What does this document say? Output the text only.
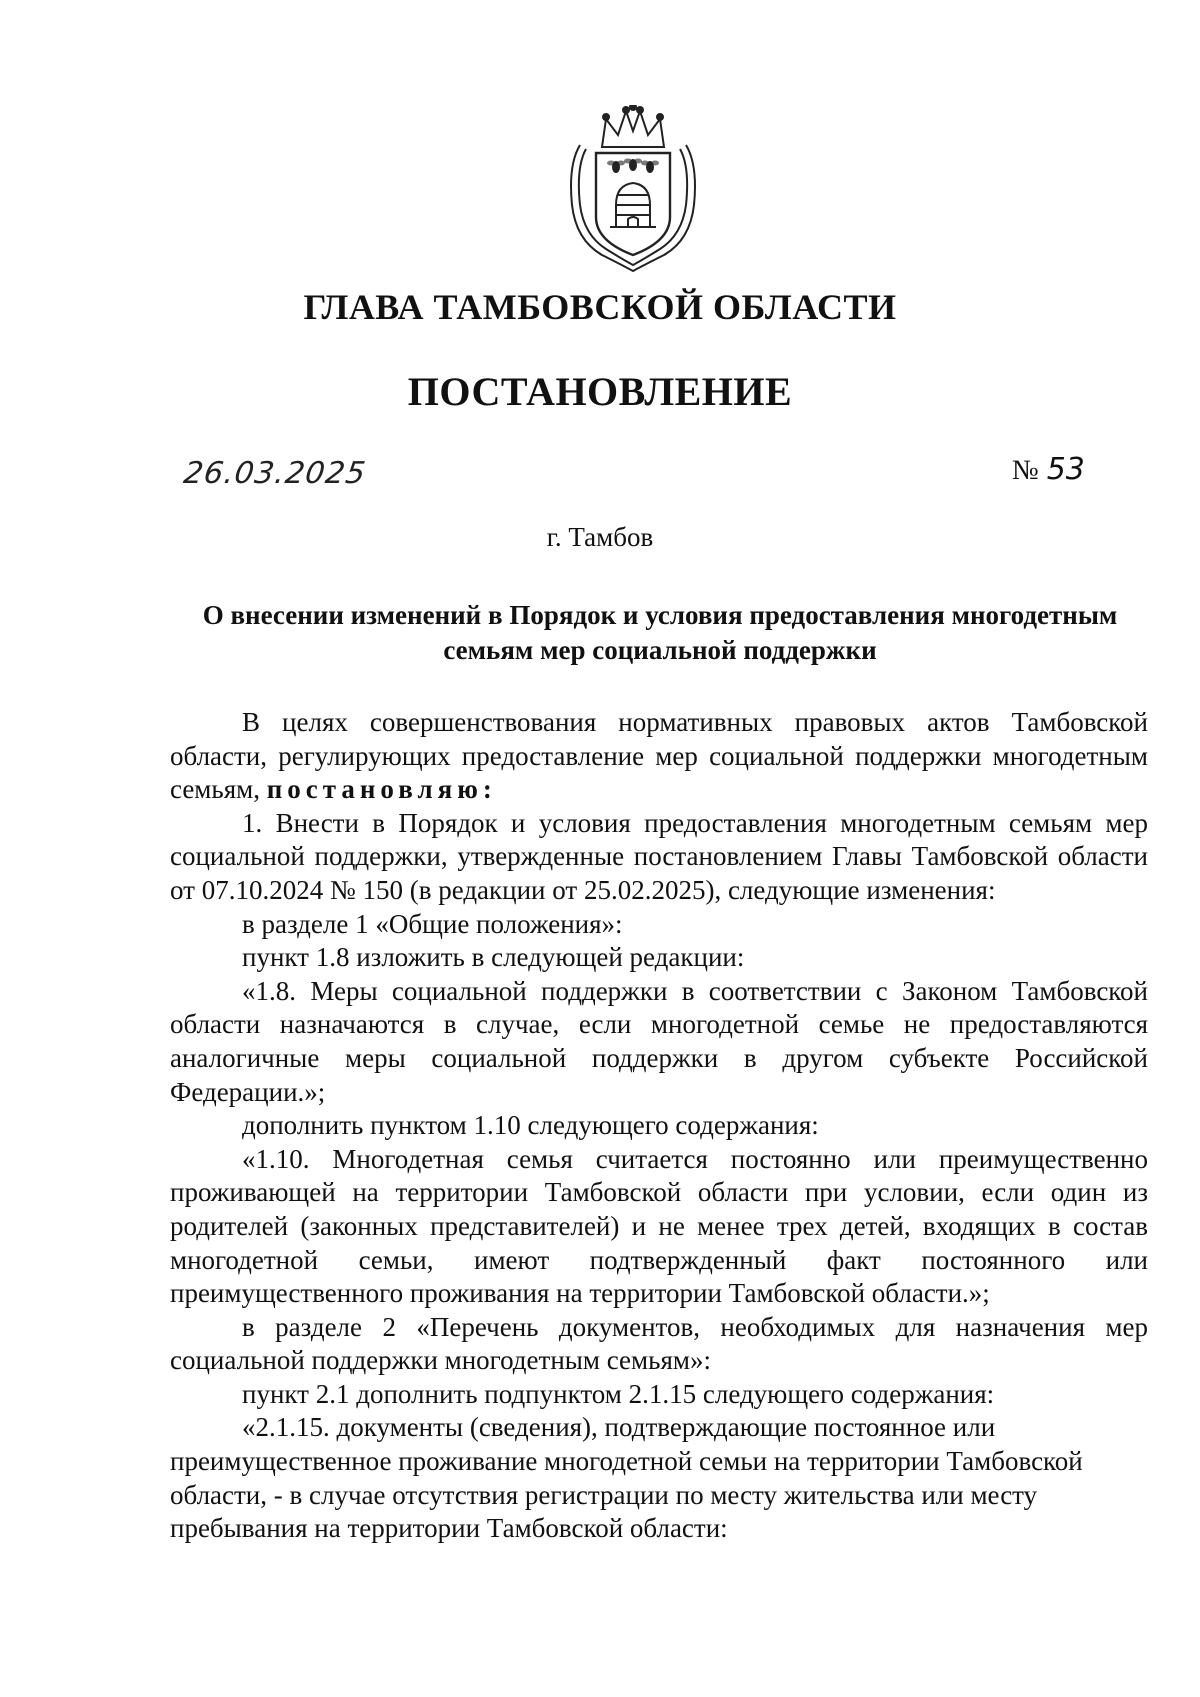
ГЛАВА ТАМБОВСКОЙ ОБЛАСТИ
ПОСТАНОВЛЕНИЕ
26.03.2025	№ 53
г. Тамбов
О внесении изменений в Порядок и условия предоставления многодетным семьям мер социальной поддержки

В целях совершенствования нормативных правовых актов Тамбовской области, регулирующих предоставление мер социальной поддержки многодетным семьям, постановляю:

1. Внести в Порядок и условия предоставления многодетным семьям мер социальной поддержки, утвержденные постановлением Главы Тамбовской области от 07.10.2024 № 150 (в редакции от 25.02.2025), следующие изменения:

в разделе 1 «Общие положения»:

пункт 1.8 изложить в следующей редакции:

«1.8. Меры социальной поддержки в соответствии с Законом Тамбовской области назначаются в случае, если многодетной семье не предоставляются аналогичные меры социальной поддержки в другом субъекте Российской Федерации.»;

дополнить пунктом 1.10 следующего содержания:

«1.10. Многодетная семья считается постоянно или преимущественно проживающей на территории Тамбовской области при условии, если один из родителей (законных представителей) и не менее трех детей, входящих в состав многодетной семьи, имеют подтвержденный факт постоянного или преимущественного проживания на территории Тамбовской области.»;

в разделе 2 «Перечень документов, необходимых для назначения мер социальной поддержки многодетным семьям»:

пункт 2.1 дополнить подпунктом 2.1.15 следующего содержания:

«2.1.15. документы (сведения), подтверждающие постоянное или преимущественное проживание многодетной семьи на территории Тамбовской области, - в случае отсутствия регистрации по месту жительства или месту пребывания на территории Тамбовской области:
